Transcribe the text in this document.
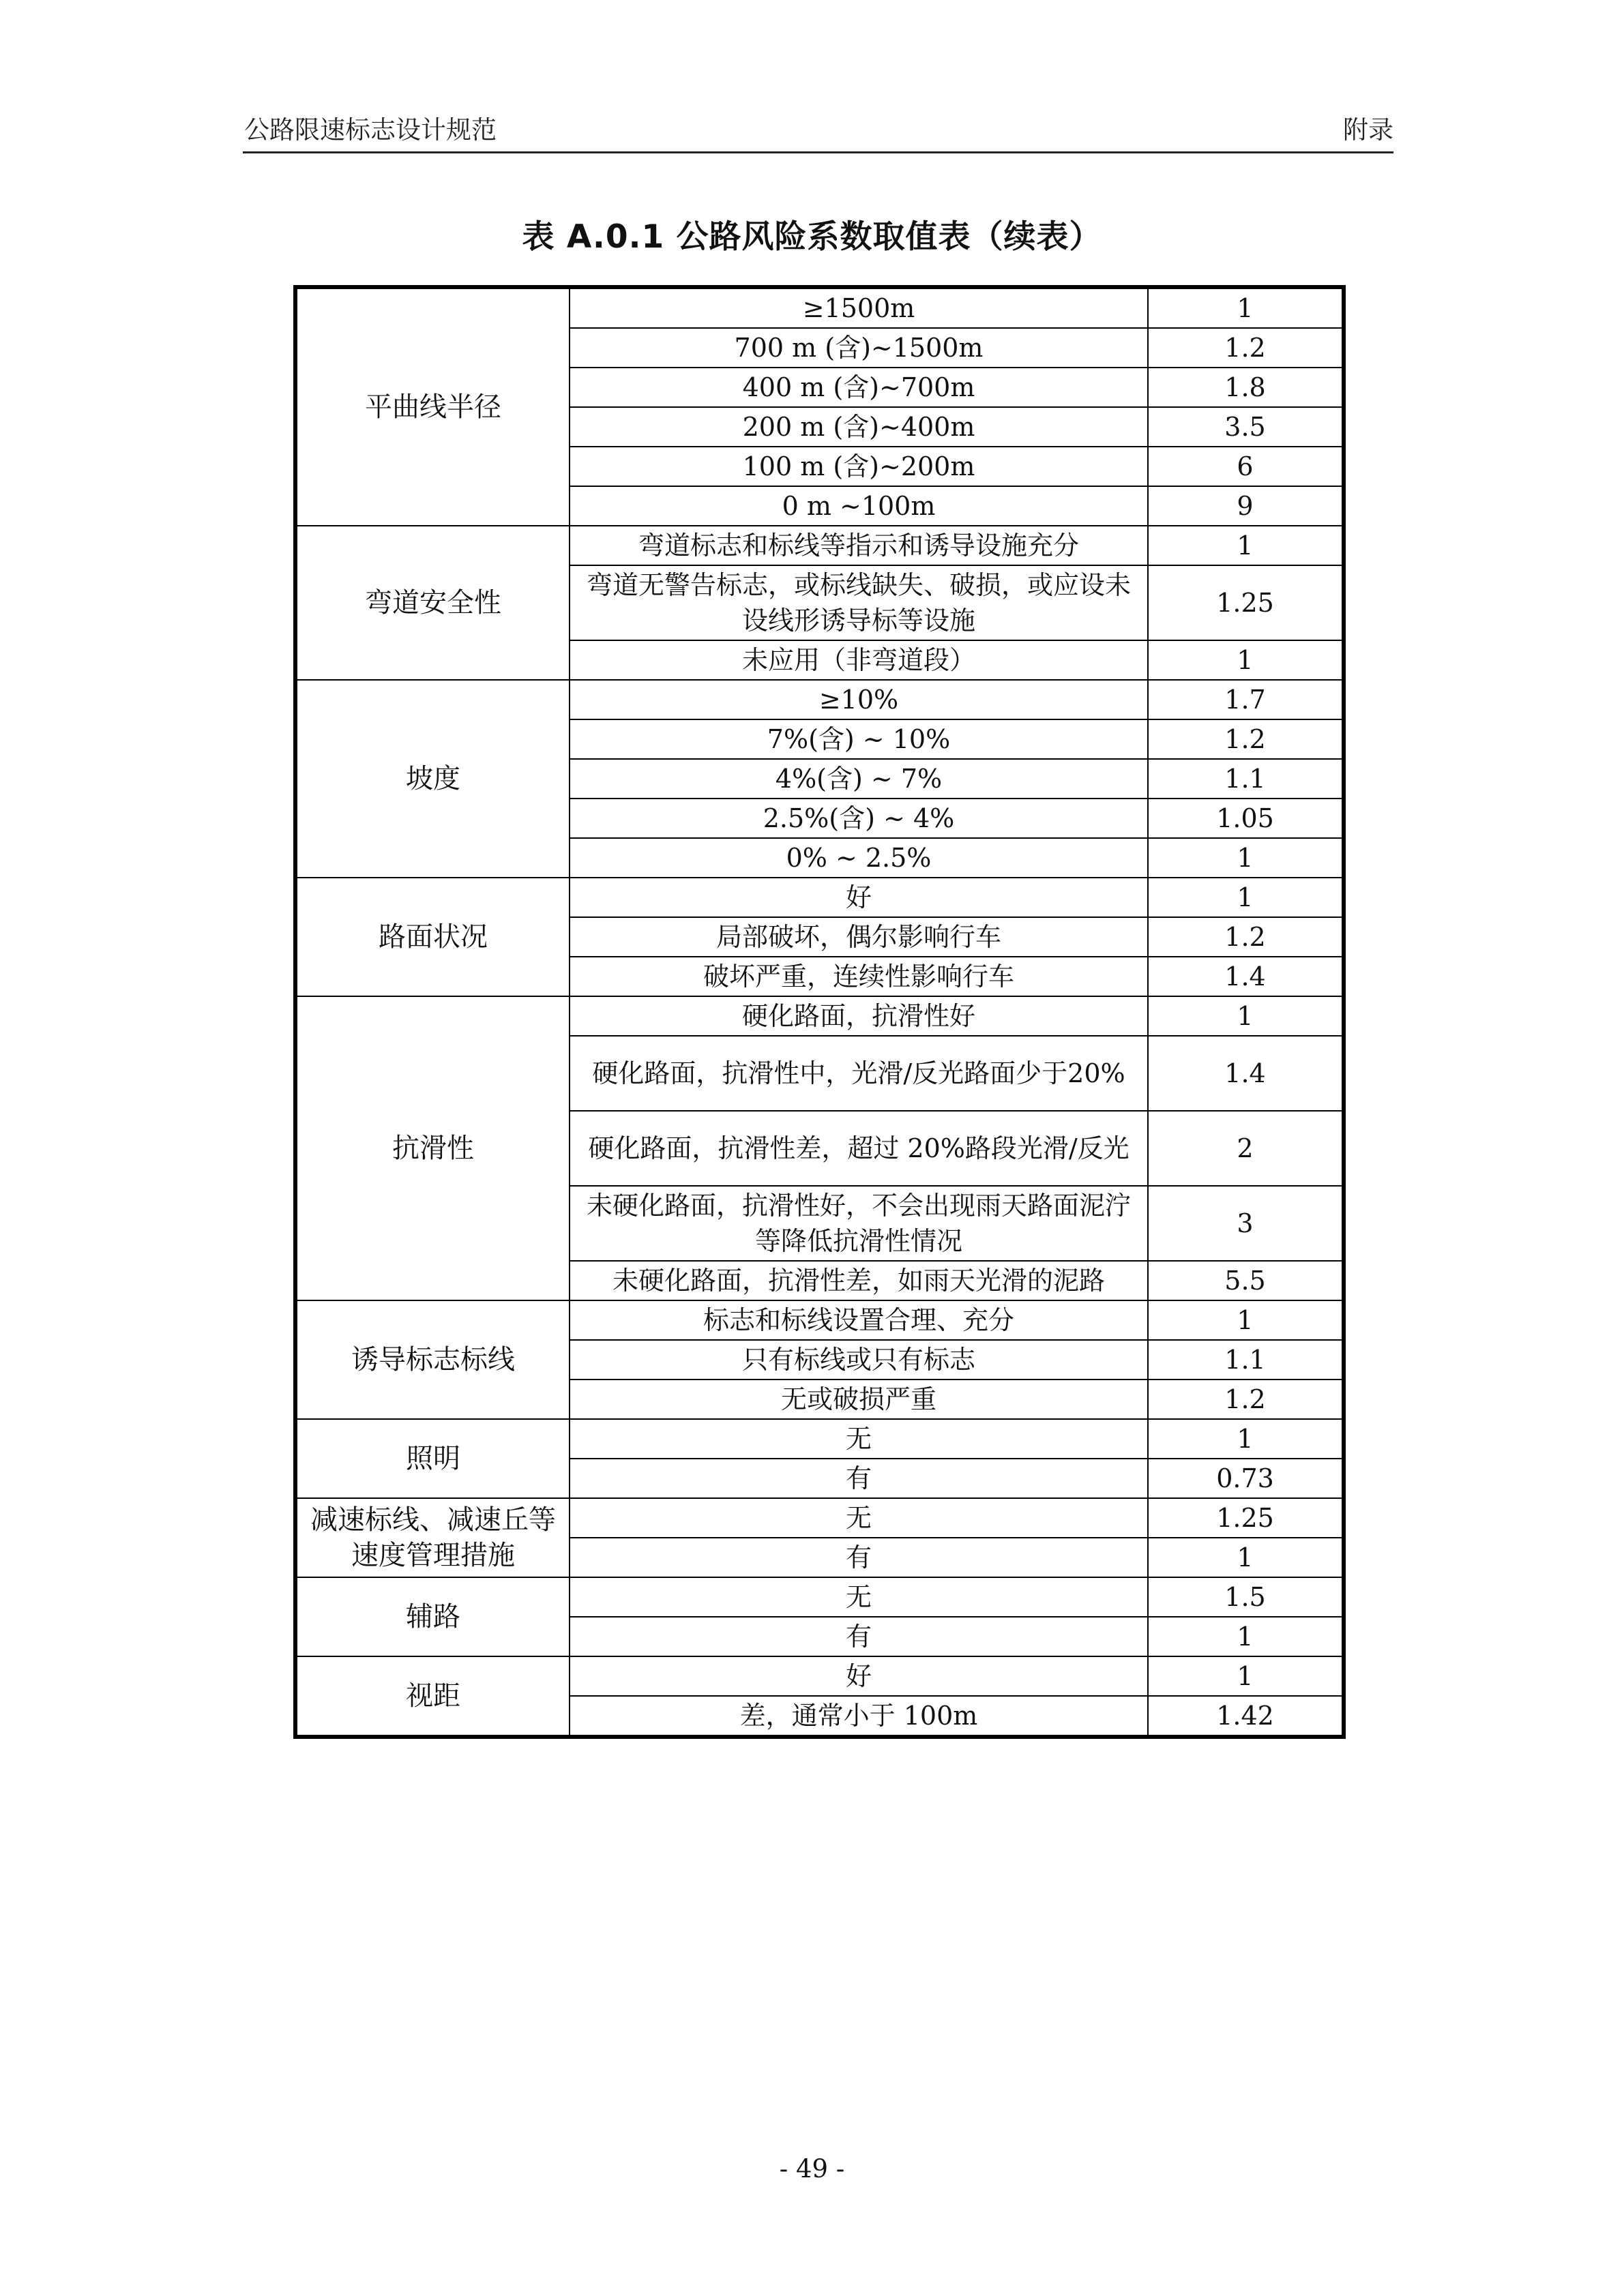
公路限速标志设计规范	附录
表 A.0.1 公路风险系数取值表（续表）
平曲线半径	≥1500m	1
	700 m (含)~1500m	1.2
	400 m (含)~700m	1.8
	200 m (含)~400m	3.5
	100 m (含)~200m	6
	0 m ~100m	9
弯道安全性	弯道标志和标线等指示和诱导设施充分	1
	弯道无警告标志，或标线缺失、破损，或应设未设线形诱导标等设施	1.25
	未应用（非弯道段）	1
坡度	≥10%	1.7
	7%(含) ~ 10%	1.2
	4%(含) ~ 7%	1.1
	2.5%(含) ~ 4%	1.05
	0% ~ 2.5%	1
路面状况	好	1
	局部破坏，偶尔影响行车	1.2
	破坏严重，连续性影响行车	1.4
抗滑性	硬化路面，抗滑性好	1
	硬化路面，抗滑性中，光滑/反光路面少于20%	1.4
	硬化路面，抗滑性差，超过 20%路段光滑/反光	2
	未硬化路面，抗滑性好，不会出现雨天路面泥泞等降低抗滑性情况	3
	未硬化路面，抗滑性差，如雨天光滑的泥路	5.5
诱导标志标线	标志和标线设置合理、充分	1
	只有标线或只有标志	1.1
	无或破损严重	1.2
照明	无	1
	有	0.73
减速标线、减速丘等速度管理措施	无	1.25
	有	1
辅路	无	1.5
	有	1
视距	好	1
	差，通常小于 100m	1.42
- 49 -
